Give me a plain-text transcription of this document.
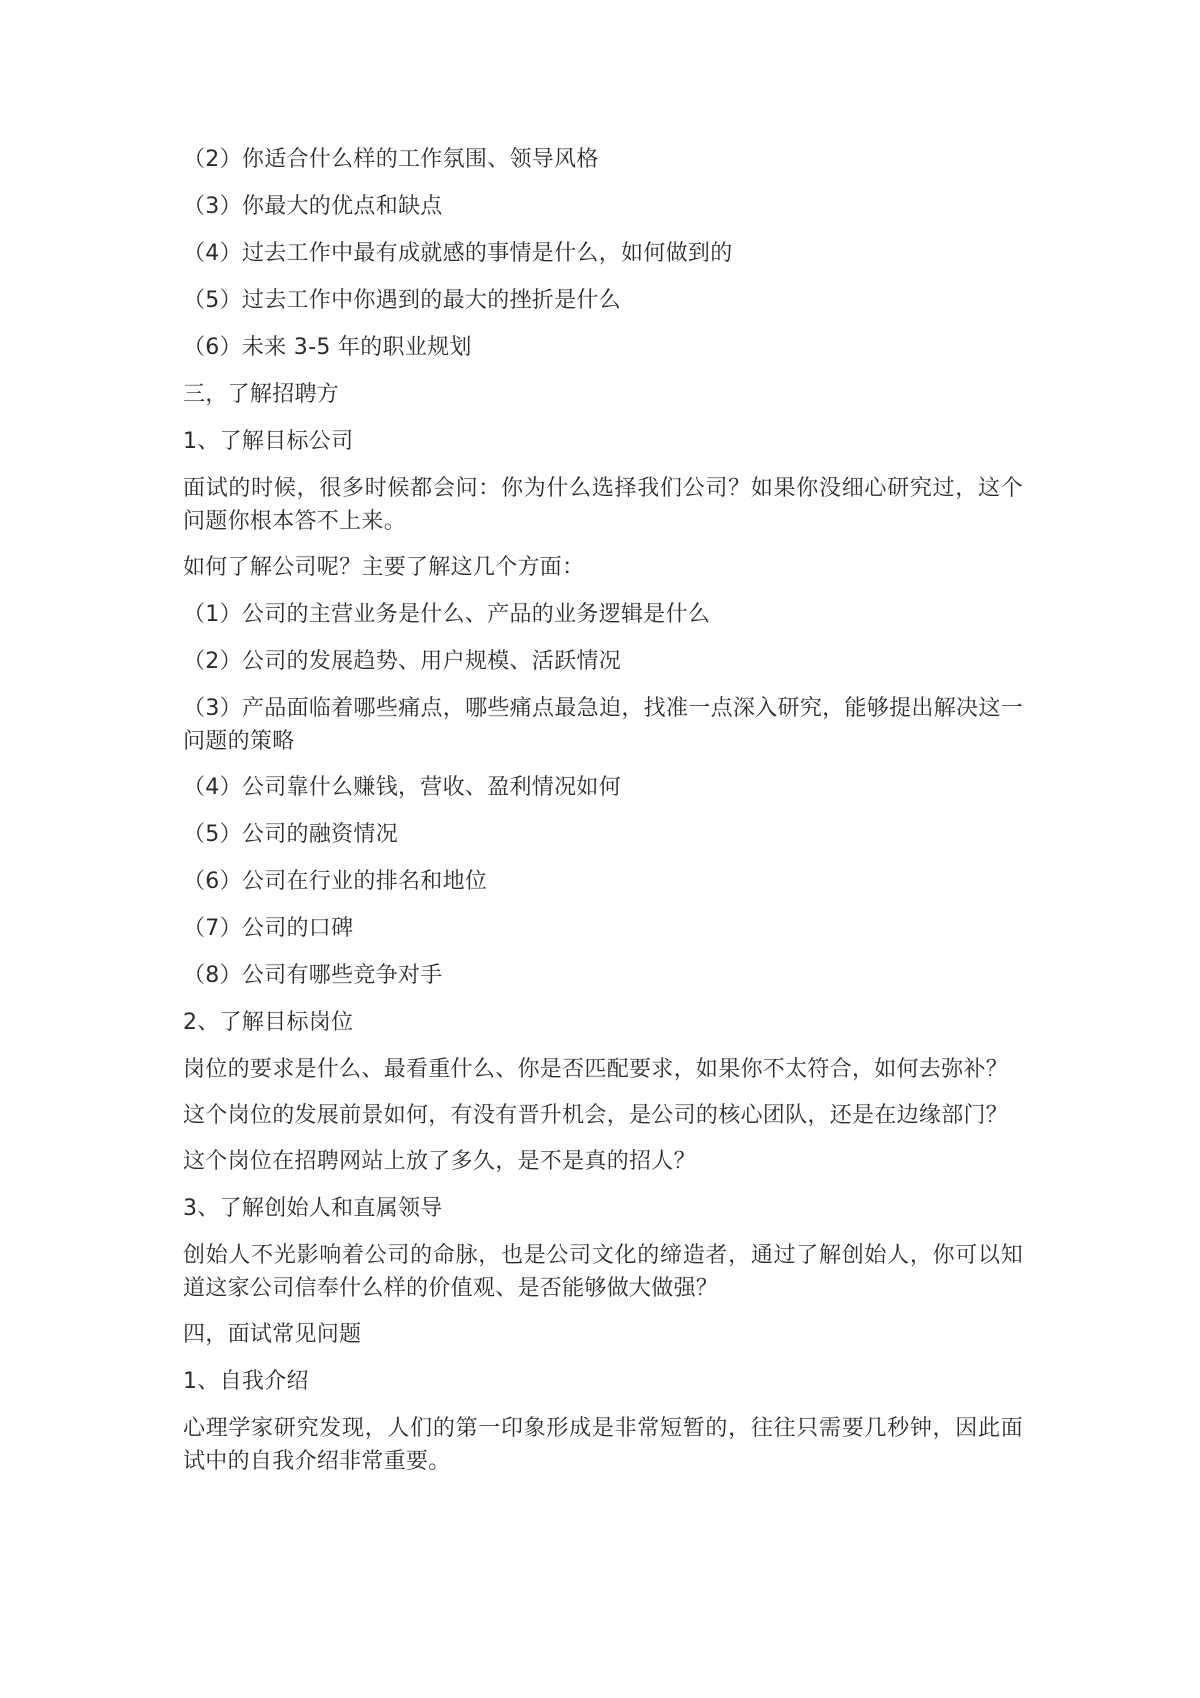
（2）你适合什么样的工作氛围、领导风格
（3）你最大的优点和缺点
（4）过去工作中最有成就感的事情是什么，如何做到的
（5）过去工作中你遇到的最大的挫折是什么
（6）未来 3-5 年的职业规划
三，了解招聘方
1、了解目标公司
面试的时候，很多时候都会问：你为什么选择我们公司？如果你没细心研究过，这个问题你根本答不上来。
如何了解公司呢？主要了解这几个方面：
（1）公司的主营业务是什么、产品的业务逻辑是什么
（2）公司的发展趋势、用户规模、活跃情况
（3）产品面临着哪些痛点，哪些痛点最急迫，找准一点深入研究，能够提出解决这一问题的策略
（4）公司靠什么赚钱，营收、盈利情况如何
（5）公司的融资情况
（6）公司在行业的排名和地位
（7）公司的口碑
（8）公司有哪些竞争对手
2、了解目标岗位
岗位的要求是什么、最看重什么、你是否匹配要求，如果你不太符合，如何去弥补？
这个岗位的发展前景如何，有没有晋升机会，是公司的核心团队，还是在边缘部门？
这个岗位在招聘网站上放了多久，是不是真的招人？
3、了解创始人和直属领导
创始人不光影响着公司的命脉，也是公司文化的缔造者，通过了解创始人，你可以知道这家公司信奉什么样的价值观、是否能够做大做强？
四，面试常见问题
1、自我介绍
心理学家研究发现，人们的第一印象形成是非常短暂的，往往只需要几秒钟，因此面试中的自我介绍非常重要。
